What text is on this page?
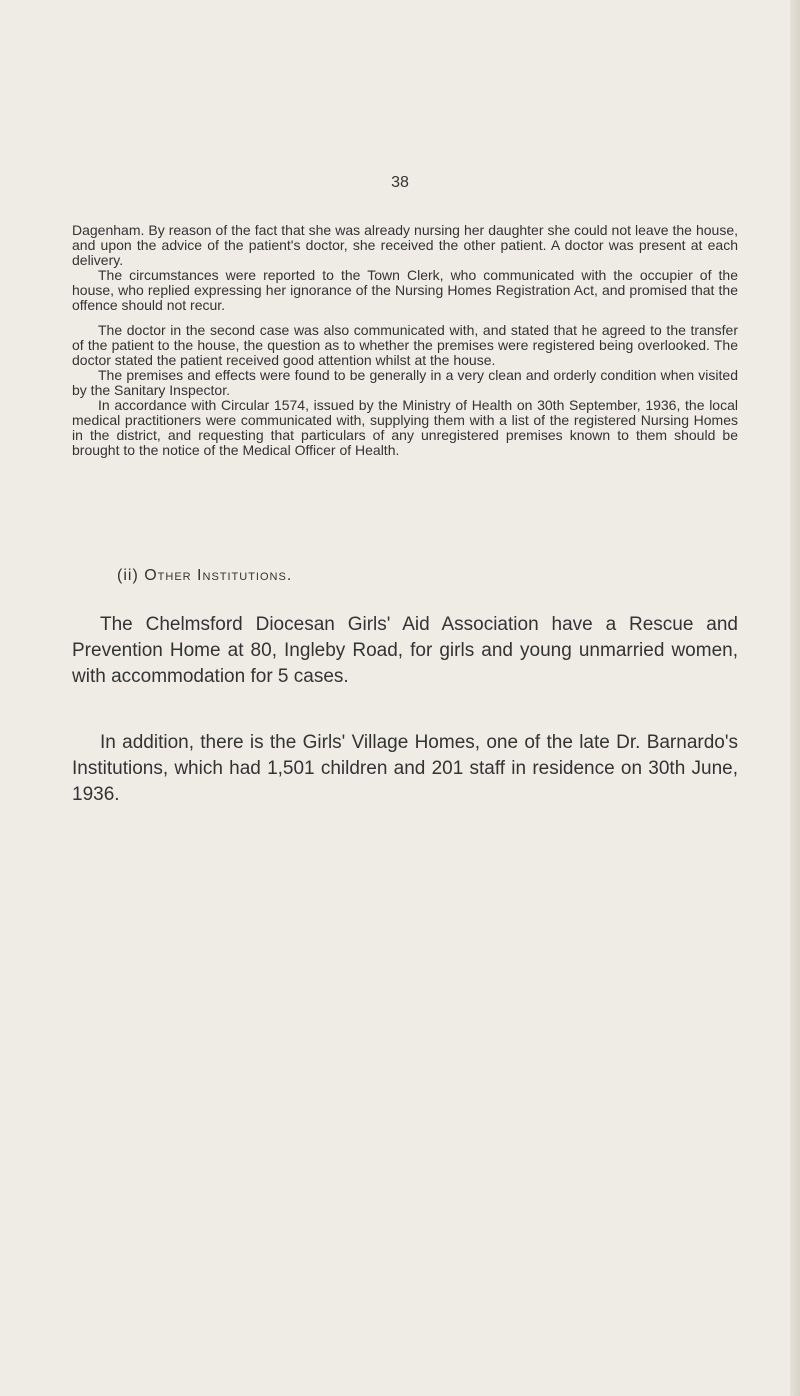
38

Dagenham. By reason of the fact that she was already nursing her daughter she could not leave the house, and upon the advice of the patient's doctor, she received the other patient. A doctor was present at each delivery.

The circumstances were reported to the Town Clerk, who communicated with the occupier of the house, who replied expressing her ignorance of the Nursing Homes Registration Act, and promised that the offence should not recur.

The doctor in the second case was also communicated with, and stated that he agreed to the transfer of the patient to the house, the question as to whether the premises were registered being overlooked. The doctor stated the patient received good attention whilst at the house.

The premises and effects were found to be generally in a very clean and orderly condition when visited by the Sanitary Inspector.

In accordance with Circular 1574, issued by the Ministry of Health on 30th September, 1936, the local medical practitioners were communicated with, supplying them with a list of the registered Nursing Homes in the district, and requesting that particulars of any unregistered premises known to them should be brought to the notice of the Medical Officer of Health.

(ii) Other Institutions.

The Chelmsford Diocesan Girls' Aid Association have a Rescue and Prevention Home at 80, Ingleby Road, for girls and young unmarried women, with accommodation for 5 cases.

In addition, there is the Girls' Village Homes, one of the late Dr. Barnardo's Institutions, which had 1,501 children and 201 staff in residence on 30th June, 1936.
